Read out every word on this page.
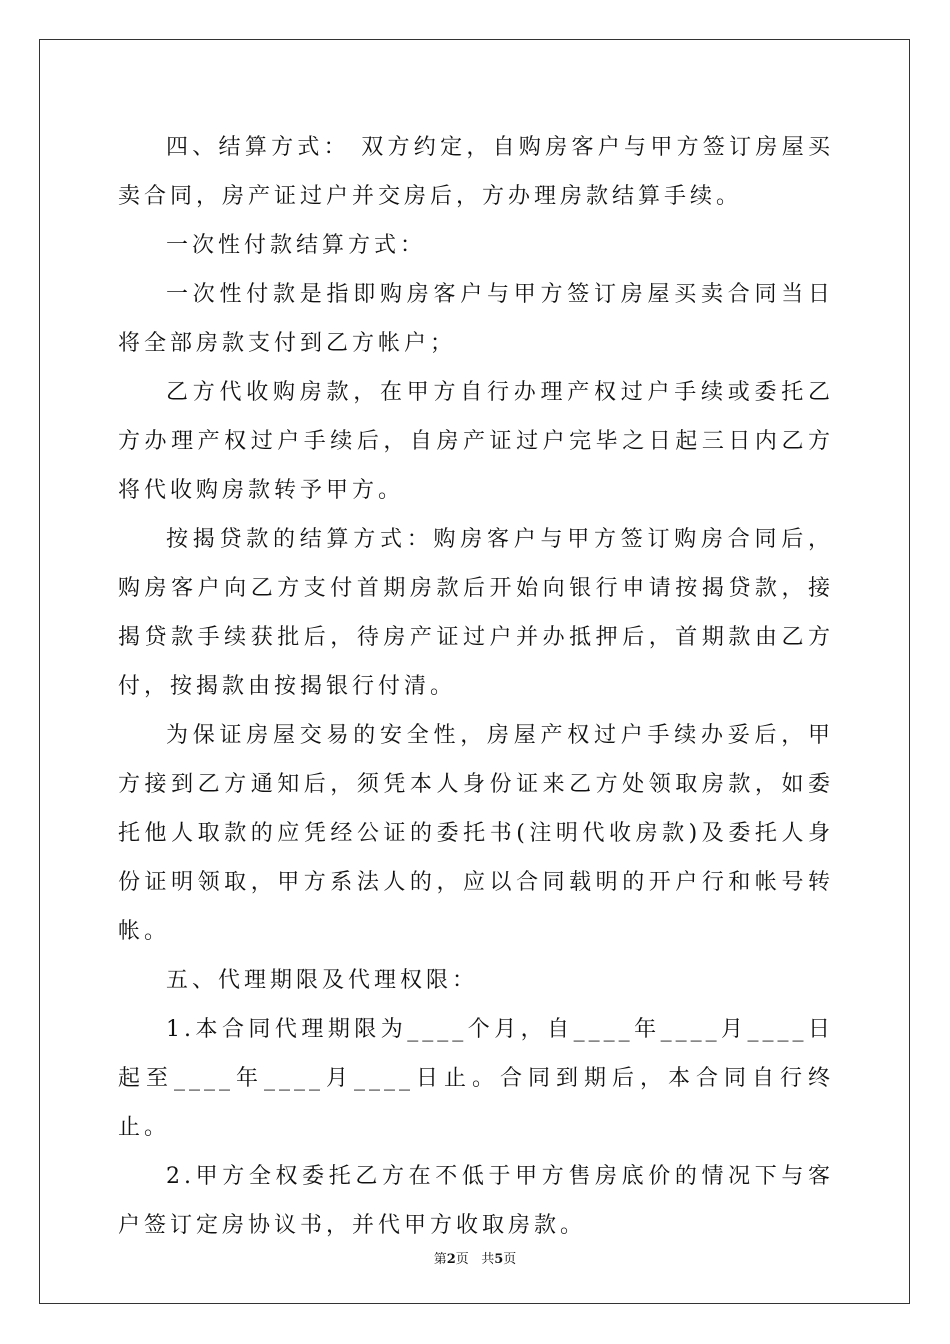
四、结算方式： 双方约定，自购房客户与甲方签订房屋买卖合同，房产证过户并交房后，方办理房款结算手续。

一次性付款结算方式：

一次性付款是指即购房客户与甲方签订房屋买卖合同当日将全部房款支付到乙方帐户；

乙方代收购房款，在甲方自行办理产权过户手续或委托乙方办理产权过户手续后，自房产证过户完毕之日起三日内乙方将代收购房款转予甲方。

按揭贷款的结算方式：购房客户与甲方签订购房合同后，购房客户向乙方支付首期房款后开始向银行申请按揭贷款，接揭贷款手续获批后，待房产证过户并办抵押后，首期款由乙方付，按揭款由按揭银行付清。

为保证房屋交易的安全性，房屋产权过户手续办妥后，甲方接到乙方通知后，须凭本人身份证来乙方处领取房款，如委托他人取款的应凭经公证的委托书(注明代收房款)及委托人身份证明领取，甲方系法人的，应以合同载明的开户行和帐号转帐。

五、代理期限及代理权限：

1.本合同代理期限为____个月，自____年____月____日起至____年____月____日止。合同到期后，本合同自行终止。

2.甲方全权委托乙方在不低于甲方售房底价的情况下与客户签订定房协议书，并代甲方收取房款。

第2页 共5页
